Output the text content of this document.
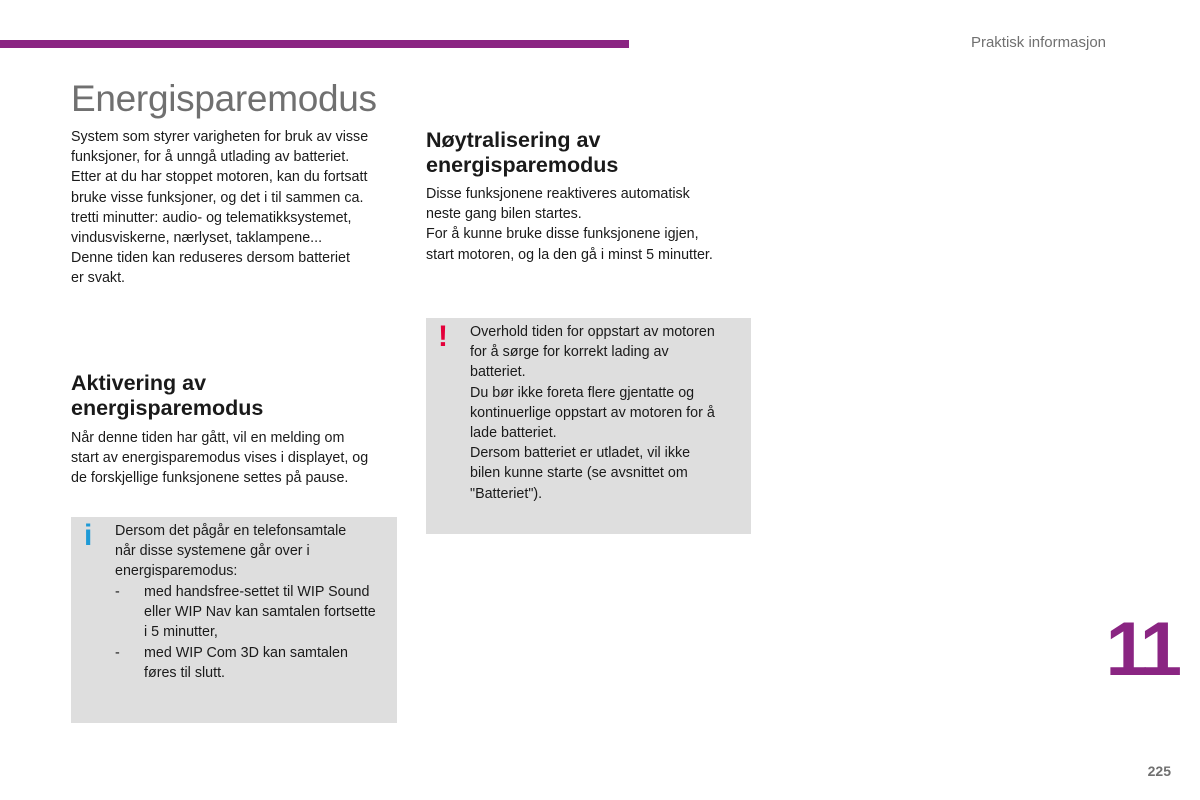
Praktisk informasjon
Energisparemodus

System som styrer varigheten for bruk av visse
funksjoner, for å unngå utlading av batteriet.
Etter at du har stoppet motoren, kan du fortsatt
bruke visse funksjoner, og det i til sammen ca.
tretti minutter: audio- og telematikksystemet,
vindusviskerne, nærlyset, taklampene...
Denne tiden kan reduseres dersom batteriet
er svakt.

Aktivering av
energisparemodus

Når denne tiden har gått, vil en melding om
start av energisparemodus vises i displayet, og
de forskjellige funksjonene settes på pause.

i Dersom det pågår en telefonsamtale
når disse systemene går over i
energisparemodus:

-	med handsfree-settet til WIP Sound
eller WIP Nav kan samtalen fortsette
i 5 minutter,
-	med WIP Com 3D kan samtalen
føres til slutt.
Nøytralisering av
energisparemodus

Disse funksjonene reaktiveres automatisk
neste gang bilen startes.
For å kunne bruke disse funksjonene igjen,
start motoren, og la den gå i minst 5 minutter.

! Overhold tiden for oppstart av motoren
for å sørge for korrekt lading av
batteriet.
Du bør ikke foreta flere gjentatte og
kontinuerlige oppstart av motoren for å
lade batteriet.
Dersom batteriet er utladet, vil ikke
bilen kunne starte (se avsnittet om
"Batteriet").

11
225
